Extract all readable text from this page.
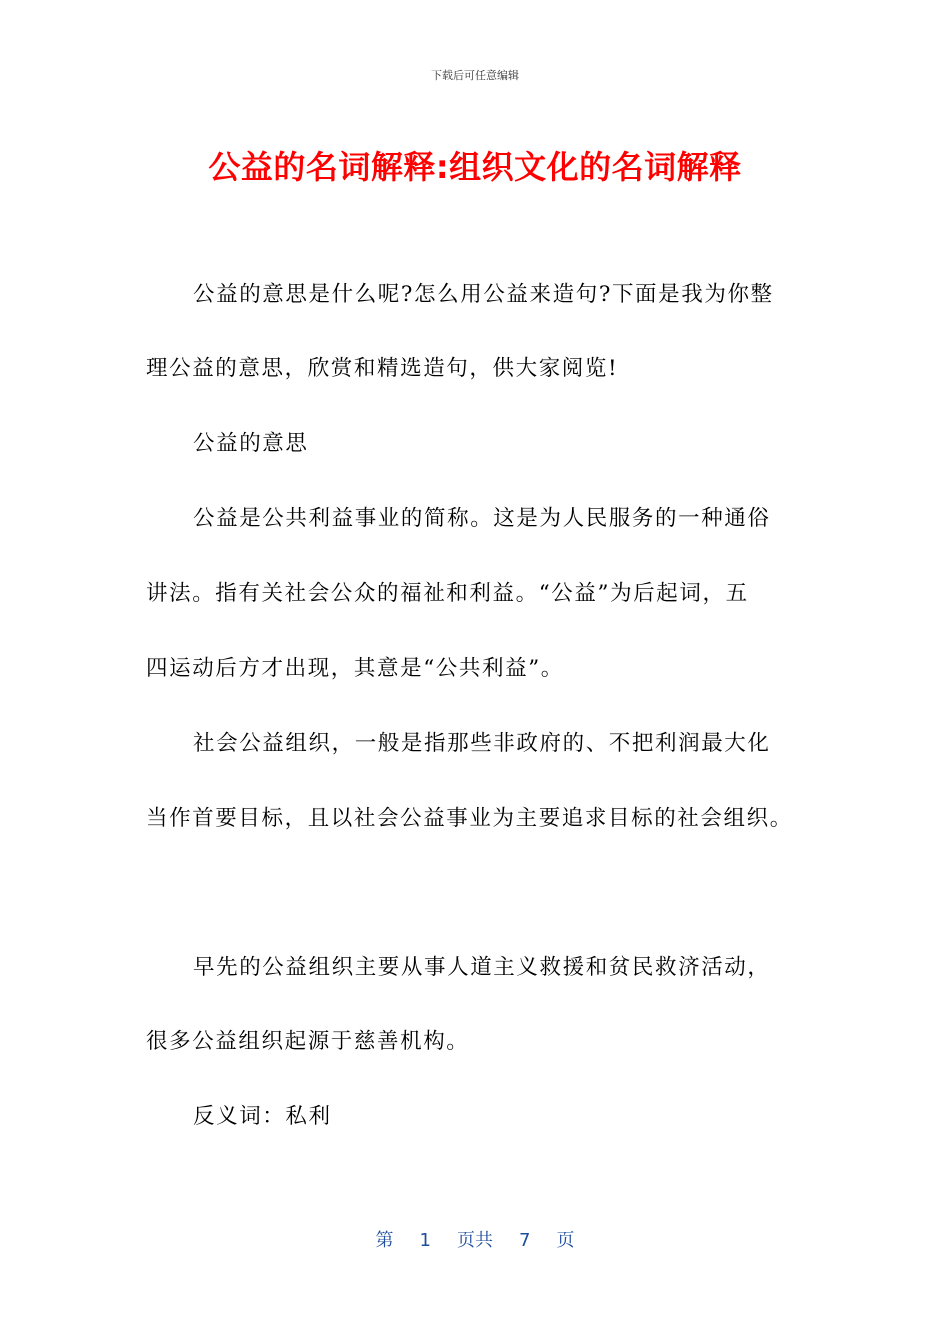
下载后可任意编辑
公益的名词解释:组织文化的名词解释
公益的意思是什么呢?怎么用公益来造句?下面是我为你整
理公益的意思，欣赏和精选造句，供大家阅览!
公益的意思
公益是公共利益事业的简称。这是为人民服务的一种通俗
讲法。指有关社会公众的福祉和利益。“公益”为后起词，五
四运动后方才出现，其意是“公共利益”。
社会公益组织，一般是指那些非政府的、不把利润最大化
当作首要目标，且以社会公益事业为主要追求目标的社会组织。
早先的公益组织主要从事人道主义救援和贫民救济活动，
很多公益组织起源于慈善机构。
反义词：私利
第 1 页共 7 页
